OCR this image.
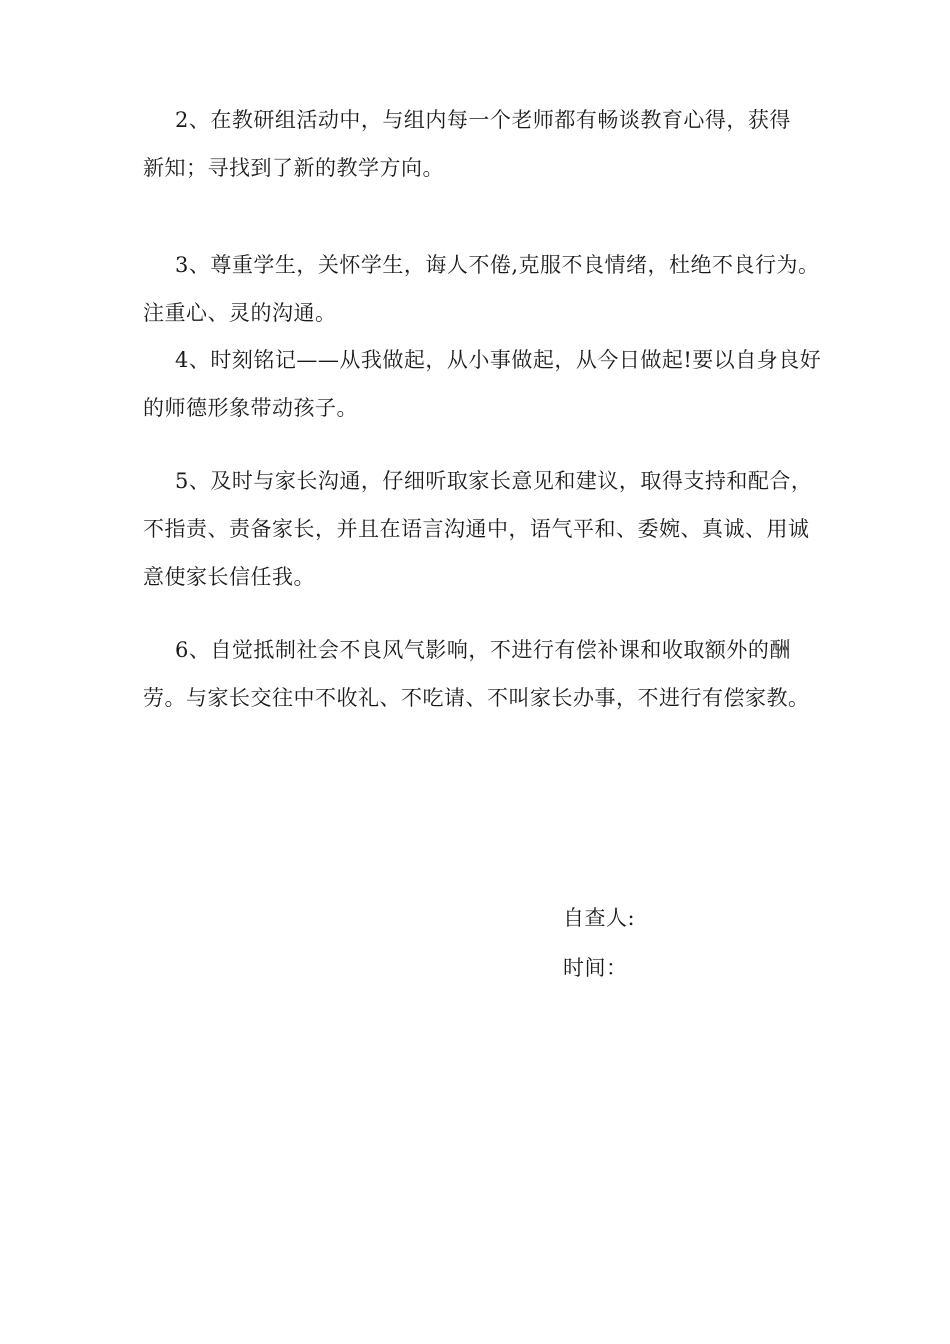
2、在教研组活动中，与组内每一个老师都有畅谈教育心得，获得
新知；寻找到了新的教学方向。

3、尊重学生，关怀学生，诲人不倦,克服不良情绪，杜绝不良行为。
注重心、灵的沟通。

4、时刻铭记——从我做起，从小事做起，从今日做起!要以自身良好
的师德形象带动孩子。

5、及时与家长沟通，仔细听取家长意见和建议，取得支持和配合，
不指责、责备家长，并且在语言沟通中，语气平和、委婉、真诚、用诚
意使家长信任我。

6、自觉抵制社会不良风气影响，不进行有偿补课和收取额外的酬
劳。与家长交往中不收礼、不吃请、不叫家长办事，不进行有偿家教。

自查人:
时间：
